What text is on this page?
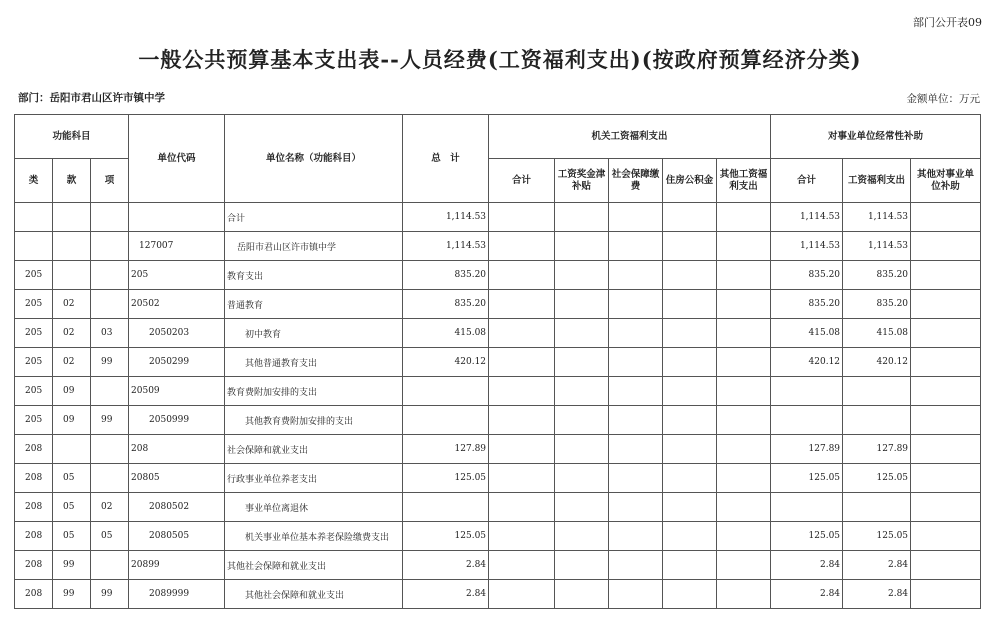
部门公开表09
一般公共预算基本支出表--人员经费(工资福利支出)(按政府预算经济分类)
部门：岳阳市君山区许市镇中学	金额单位：万元
功能科目			单位代码	单位名称（功能科目）	总　计	机关工资福利支出					对事业单位经常性补助		
类	款	项				合计	工资奖金津补贴	社会保障缴费	住房公积金	其他工资福利支出	合计	工资福利支出	其他对事业单位补助
				合计	1,114.53						1,114.53	1,114.53	
			127007	岳阳市君山区许市镇中学	1,114.53						1,114.53	1,114.53	
205			205	教育支出	835.20						835.20	835.20	
205	02		20502	普通教育	835.20						835.20	835.20	
205	02	03	2050203	初中教育	415.08						415.08	415.08	
205	02	99	2050299	其他普通教育支出	420.12						420.12	420.12	
205	09		20509	教育费附加安排的支出									
205	09	99	2050999	其他教育费附加安排的支出									
208			208	社会保障和就业支出	127.89						127.89	127.89	
208	05		20805	行政事业单位养老支出	125.05						125.05	125.05	
208	05	02	2080502	事业单位离退休									
208	05	05	2080505	机关事业单位基本养老保险缴费支出	125.05						125.05	125.05	
208	99		20899	其他社会保障和就业支出	2.84						2.84	2.84	
208	99	99	2089999	其他社会保障和就业支出	2.84						2.84	2.84	
